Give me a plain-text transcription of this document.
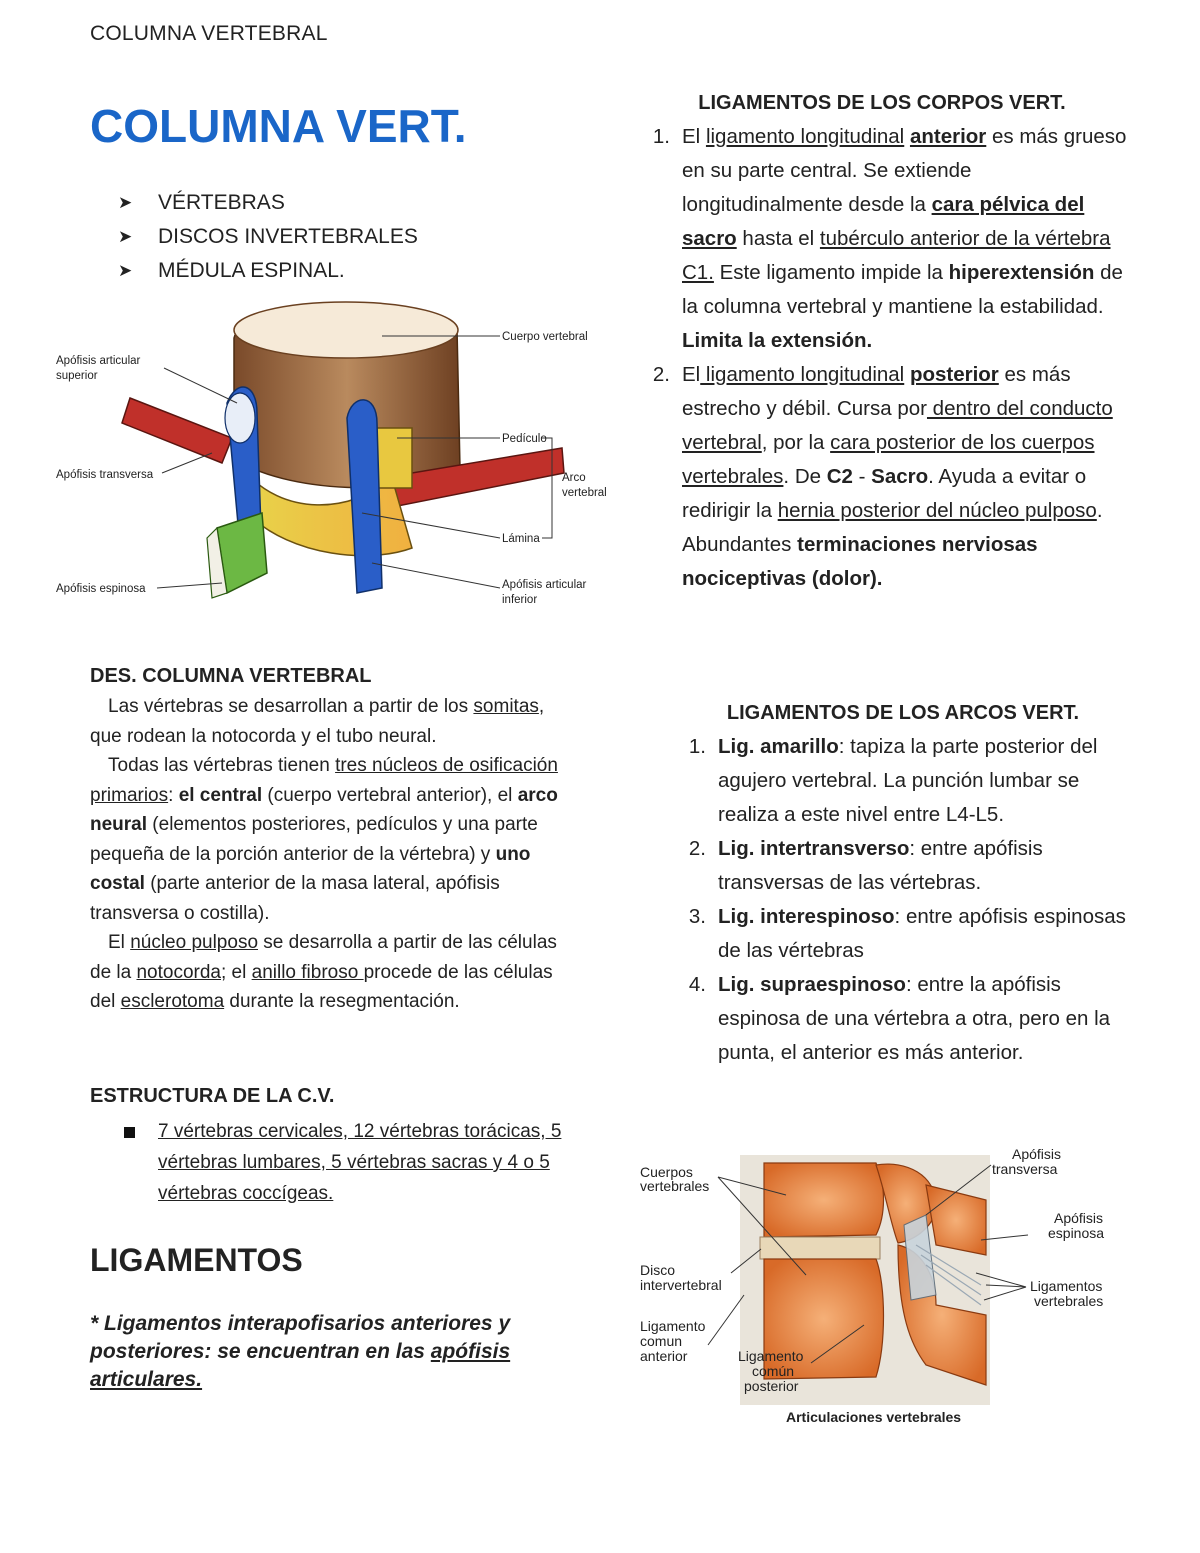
COLUMNA VERTEBRAL
COLUMNA VERT.
➤	VÉRTEBRAS
➤	DISCOS INVERTEBRALES
➤	MÉDULA ESPINAL.
Cuerpo vertebral
Apófisis articular
superior
Pedículo
Arco
vertebral
Apófisis transversa
Lámina
Apófisis espinosa	Apófisis articular
inferior
DES. COLUMNA VERTEBRAL

Las vértebras se desarrollan a partir de los somitas, que rodean la notocorda y el tubo neural.

Todas las vértebras tienen tres núcleos de osificación primarios: el central (cuerpo vertebral anterior), el arco neural (elementos posteriores, pedículos y una parte pequeña de la porción anterior de la vértebra) y uno costal (parte anterior de la masa lateral, apófisis transversa o costilla).

El núcleo pulposo se desarrolla a partir de las células de la notocorda; el anillo fibroso procede de las células del esclerotoma durante la resegmentación.

ESTRUCTURA DE LA C.V.
7 vértebras cervicales, 12 vértebras torácicas, 5 vértebras lumbares, 5 vértebras sacras y 4 o 5 vértebras coccígeas.
LIGAMENTOS
* Ligamentos interapofisarios anteriores y posteriores: se encuentran en las apófisis articulares.
LIGAMENTOS DE LOS CORPOS VERT.
1. El ligamento longitudinal anterior es más grueso en su parte central. Se extiende longitudinalmente desde la cara pélvica del sacro hasta el tubérculo anterior de la vértebra C1. Este ligamento impide la hiperextensión de la columna vertebral y mantiene la estabilidad. Limita la extensión.
2. El ligamento longitudinal posterior es más estrecho y débil. Cursa por dentro del conducto vertebral, por la cara posterior de los cuerpos vertebrales. De C2 - Sacro. Ayuda a evitar o redirigir la hernia posterior del núcleo pulposo. Abundantes terminaciones nerviosas nociceptivas (dolor).
LIGAMENTOS DE LOS ARCOS VERT.
1. Lig. amarillo: tapiza la parte posterior del agujero vertebral. La punción lumbar se realiza a este nivel entre L4-L5.
2. Lig. intertransverso: entre apófisis transversas de las vértebras.
3. Lig. interespinoso: entre apófisis espinosas de las vértebras
4. Lig. supraespinoso: entre la apófisis espinosa de una vértebra a otra, pero en la punta, el anterior es más anterior.
Cuerpos
vertebrales
Disco
intervertebral
Ligamento
comun
anterior	Ligamento
común
posterior
Apófisis
transversa
Apófisis
espinosa
Ligamentos
vertebrales
Articulaciones vertebrales
